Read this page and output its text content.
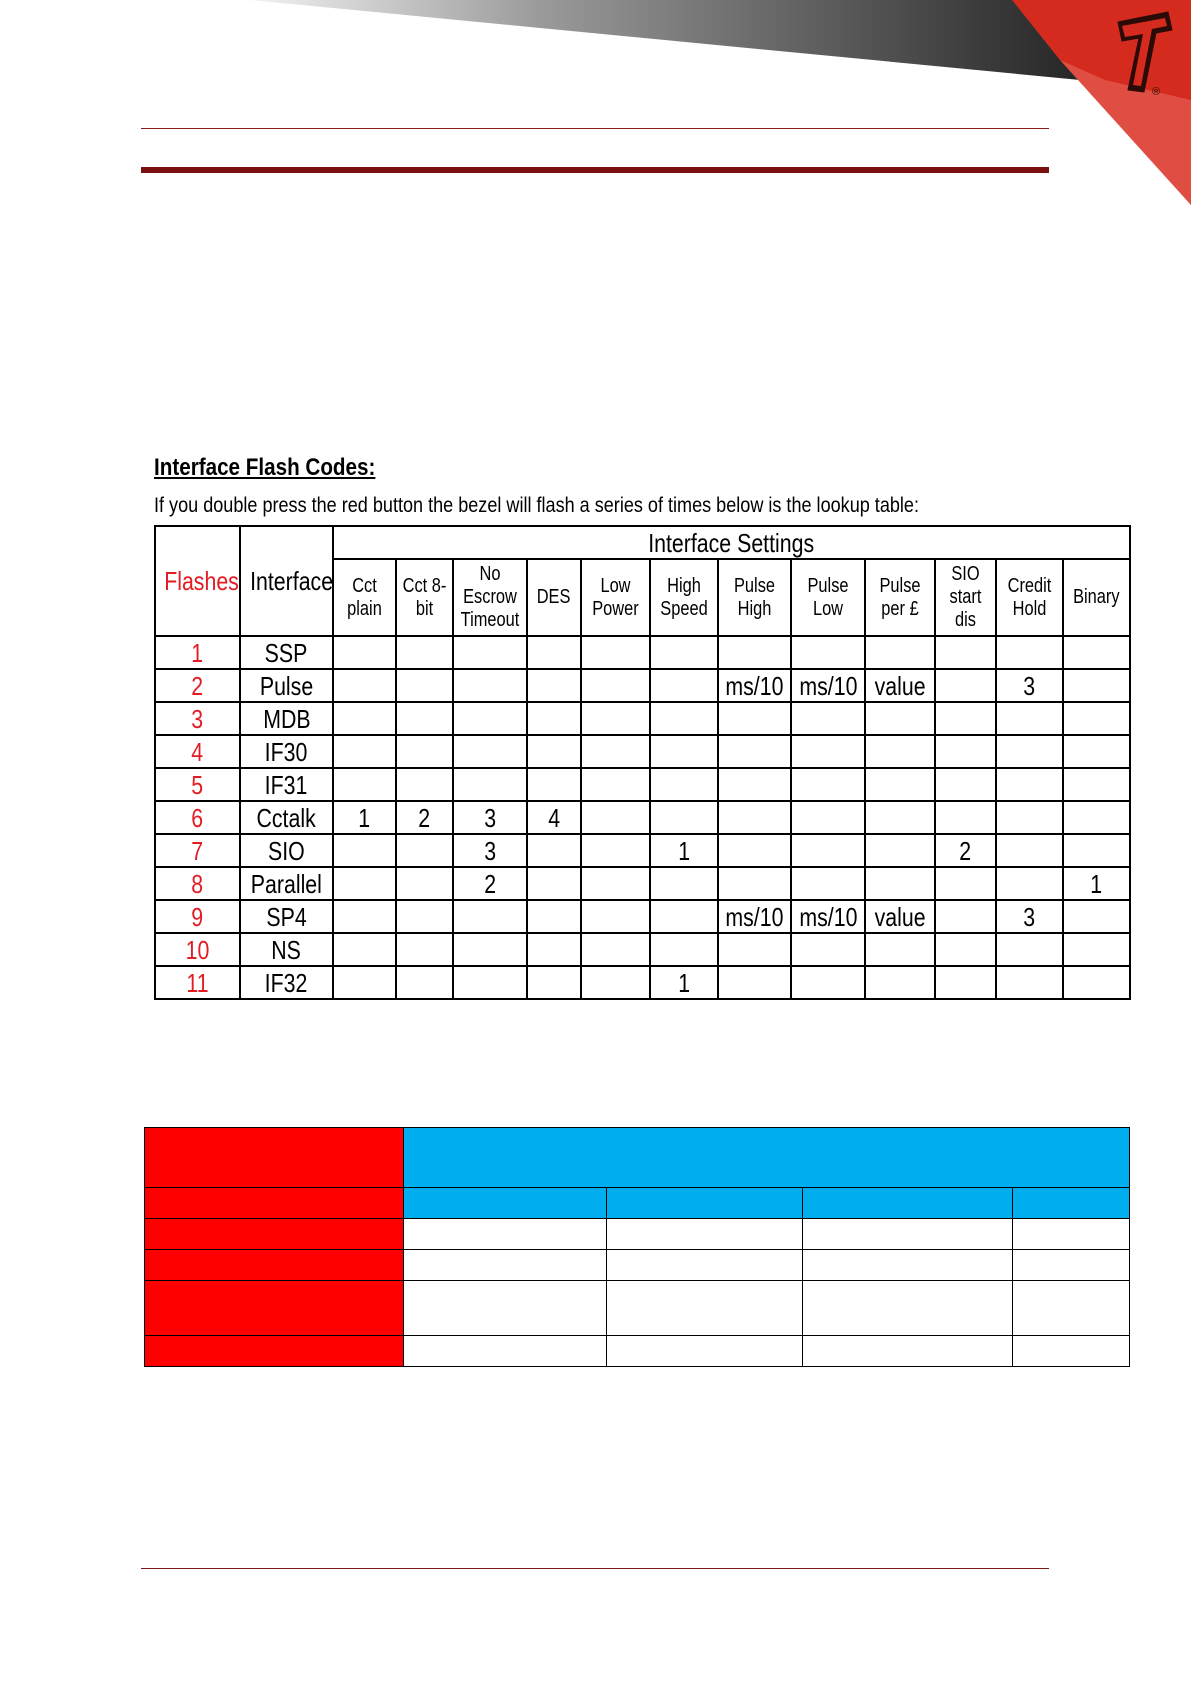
®
Interface Flash Codes:
If you double press the red button the bezel will flash a series of times below is the lookup table:
Flashes	Interface	Interface Settings											
		Cct plain	Cct 8-bit	No Escrow Timeout	DES	Low Power	High Speed	Pulse High	Pulse Low	Pulse per £	SIO start dis	Credit Hold	Binary
1	SSP												
2	Pulse							ms/10	ms/10	value		3	
3	MDB												
4	IF30												
5	IF31												
6	Cctalk	1	2	3	4								
7	SIO			3			1				2		
8	Parallel			2									1
9	SP4							ms/10	ms/10	value		3	
10	NS												
11	IF32						1						
